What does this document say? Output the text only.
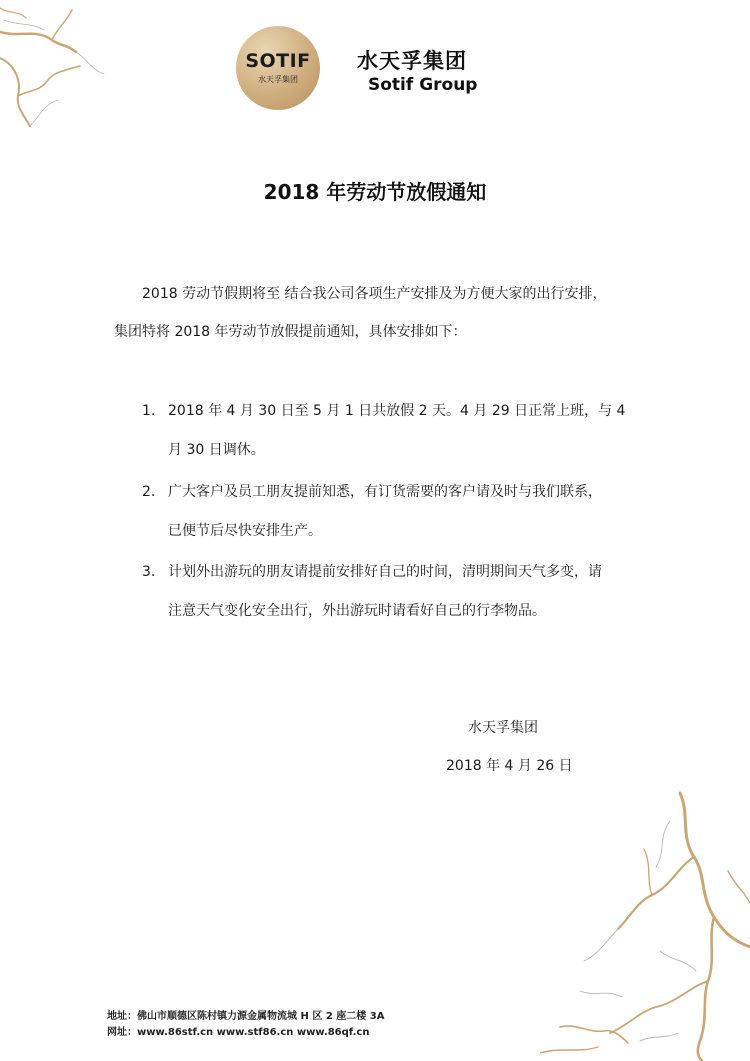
SOTIF
水天孚集团
水天孚集团
Sotif Group
2018 年劳动节放假通知
2018 劳动节假期将至 结合我公司各项生产安排及为方便大家的出行安排，
集团特将 2018 年劳动节放假提前通知，具体安排如下：
1. 2018 年 4 月 30 日至 5 月 1 日共放假 2 天。4 月 29 日正常上班，与 4
月 30 日调休。
2. 广大客户及员工朋友提前知悉，有订货需要的客户请及时与我们联系，
已便节后尽快安排生产。
3. 计划外出游玩的朋友请提前安排好自己的时间，清明期间天气多变，请
注意天气变化安全出行，外出游玩时请看好自己的行李物品。
水天孚集团
2018 年 4 月 26 日
地址：佛山市顺德区陈村镇力源金属物流城 H 区 2 座二楼 3A
网址：www.86stf.cn www.stf86.cn www.86qf.cn
